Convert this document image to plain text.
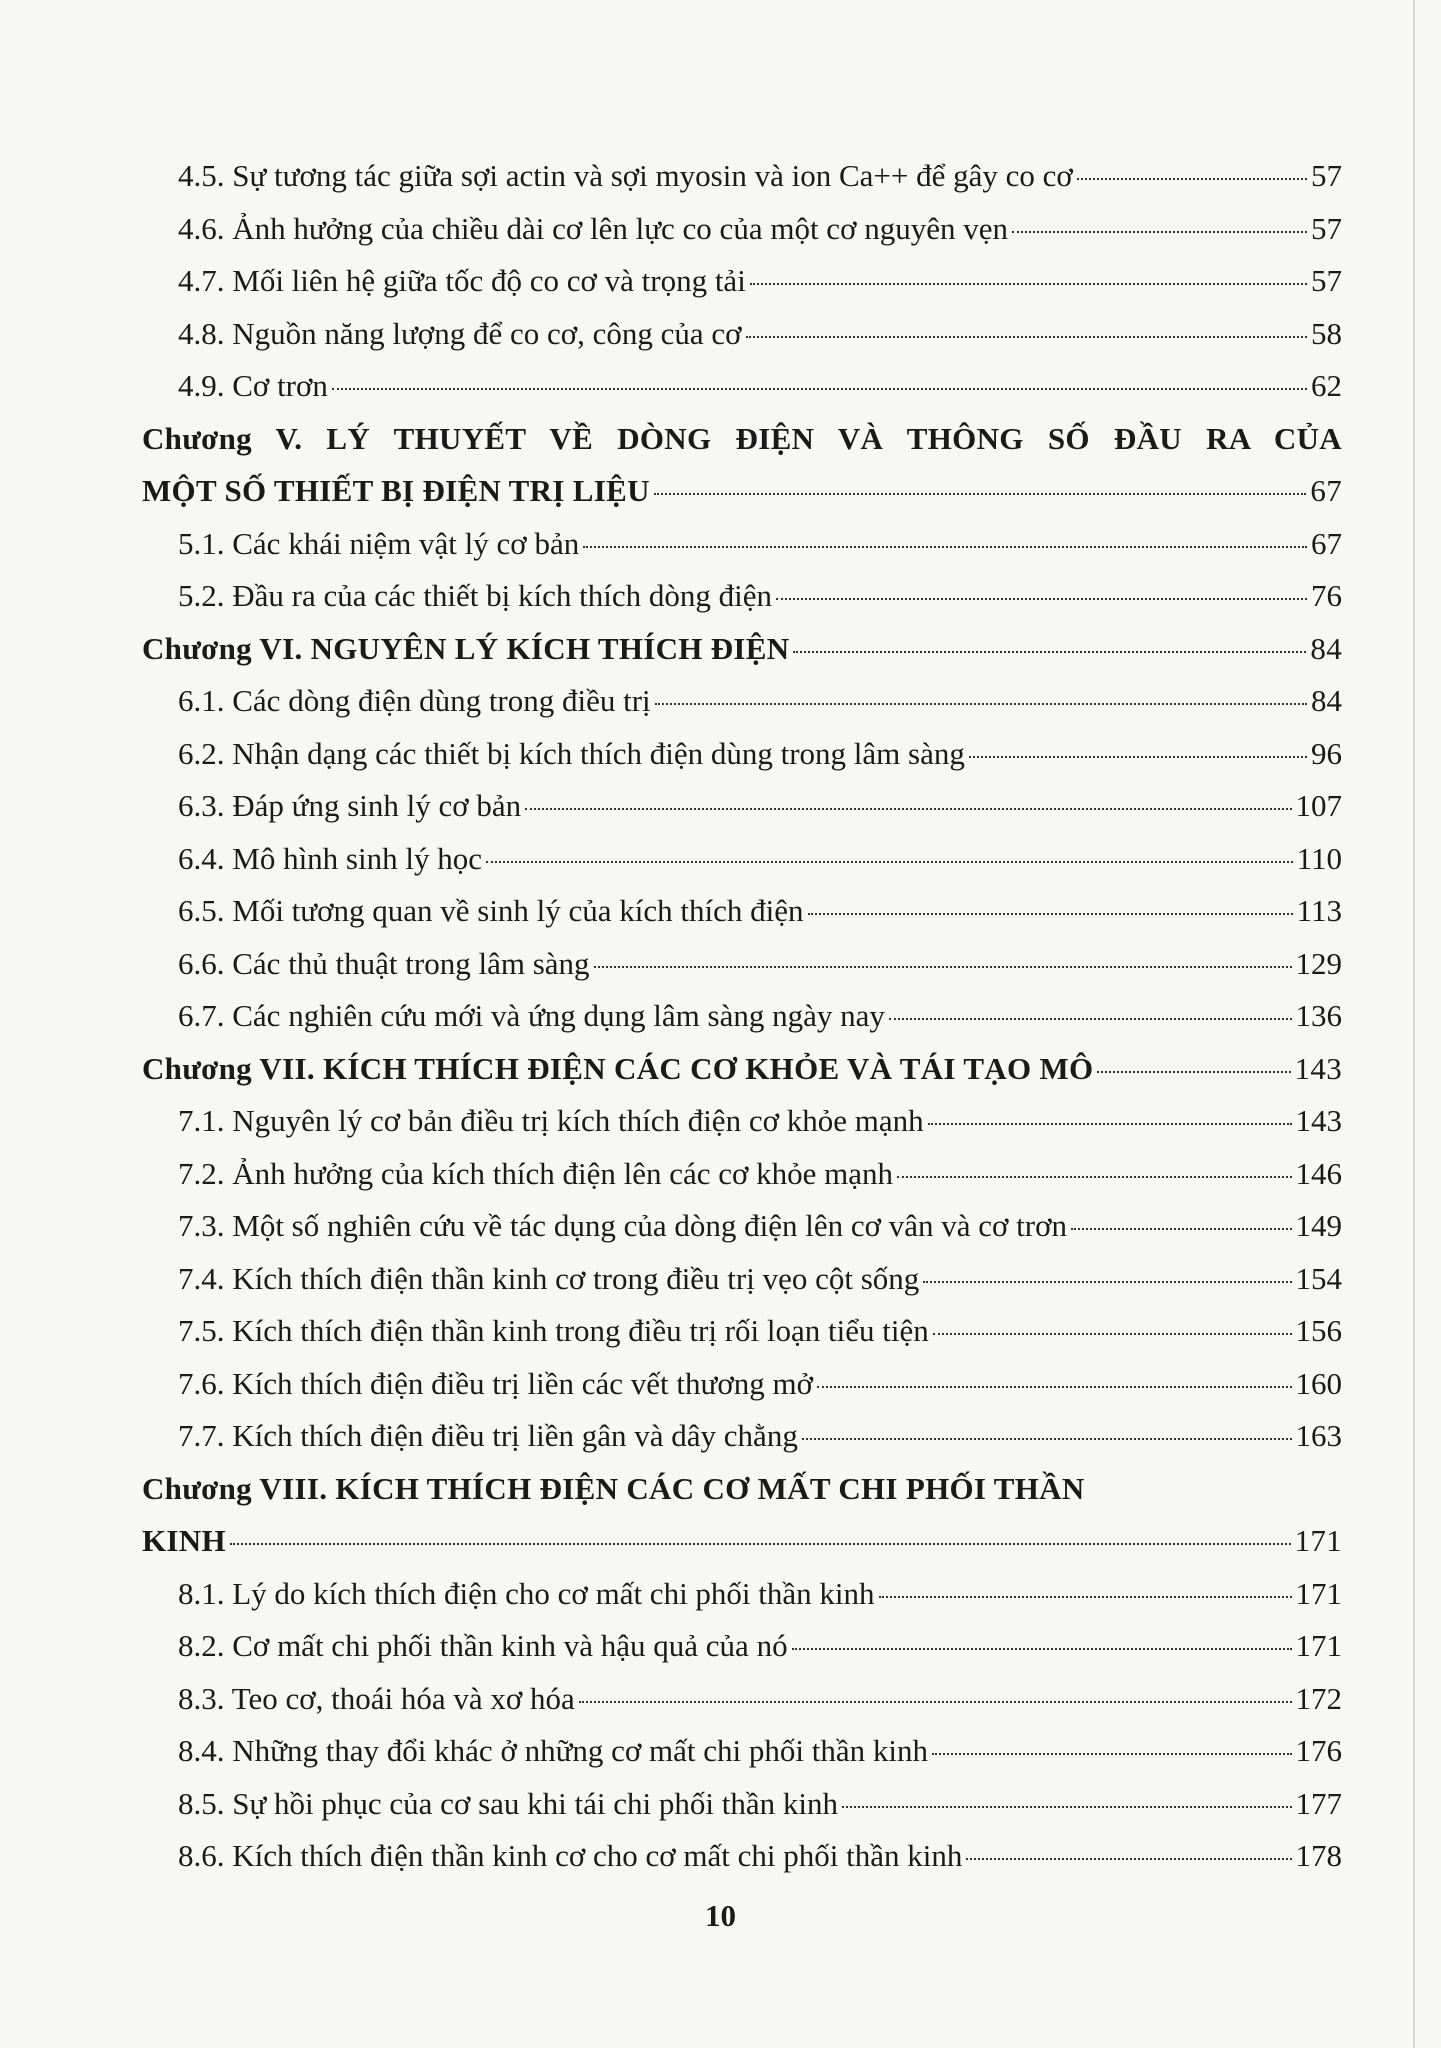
4.5. Sự tương tác giữa sợi actin và sợi myosin và ion Ca++ để gây co cơ	57
4.6. Ảnh hưởng của chiều dài cơ lên lực co của một cơ nguyên vẹn	57
4.7. Mối liên hệ giữa tốc độ co cơ và trọng tải	57
4.8. Nguồn năng lượng để co cơ, công của cơ	58
4.9. Cơ trơn	62
Chương V. LÝ THUYẾT VỀ DÒNG ĐIỆN VÀ THÔNG SỐ ĐẦU RA CỦA
MỘT SỐ THIẾT BỊ ĐIỆN TRỊ LIỆU	67
5.1. Các khái niệm vật lý cơ bản	67
5.2. Đầu ra của các thiết bị kích thích dòng điện	76
Chương VI. NGUYÊN LÝ KÍCH THÍCH ĐIỆN	84
6.1. Các dòng điện dùng trong điều trị	84
6.2. Nhận dạng các thiết bị kích thích điện dùng trong lâm sàng	96
6.3. Đáp ứng sinh lý cơ bản	107
6.4. Mô hình sinh lý học	110
6.5. Mối tương quan về sinh lý của kích thích điện	113
6.6. Các thủ thuật trong lâm sàng	129
6.7. Các nghiên cứu mới và ứng dụng lâm sàng ngày nay	136
Chương VII. KÍCH THÍCH ĐIỆN CÁC CƠ KHỎE VÀ TÁI TẠO MÔ	143
7.1. Nguyên lý cơ bản điều trị kích thích điện cơ khỏe mạnh	143
7.2. Ảnh hưởng của kích thích điện lên các cơ khỏe mạnh	146
7.3. Một số nghiên cứu về tác dụng của dòng điện lên cơ vân và cơ trơn	149
7.4. Kích thích điện thần kinh cơ trong điều trị vẹo cột sống	154
7.5. Kích thích điện thần kinh trong điều trị rối loạn tiểu tiện	156
7.6. Kích thích điện điều trị liền các vết thương mở	160
7.7. Kích thích điện điều trị liền gân và dây chằng	163
Chương VIII. KÍCH THÍCH ĐIỆN CÁC CƠ MẤT CHI PHỐI THẦN
KINH	171
8.1. Lý do kích thích điện cho cơ mất chi phối thần kinh	171
8.2. Cơ mất chi phối thần kinh và hậu quả của nó	171
8.3. Teo cơ, thoái hóa và xơ hóa	172
8.4. Những thay đổi khác ở những cơ mất chi phối thần kinh	176
8.5. Sự hồi phục của cơ sau khi tái chi phối thần kinh	177
8.6. Kích thích điện thần kinh cơ cho cơ mất chi phối thần kinh	178
10
